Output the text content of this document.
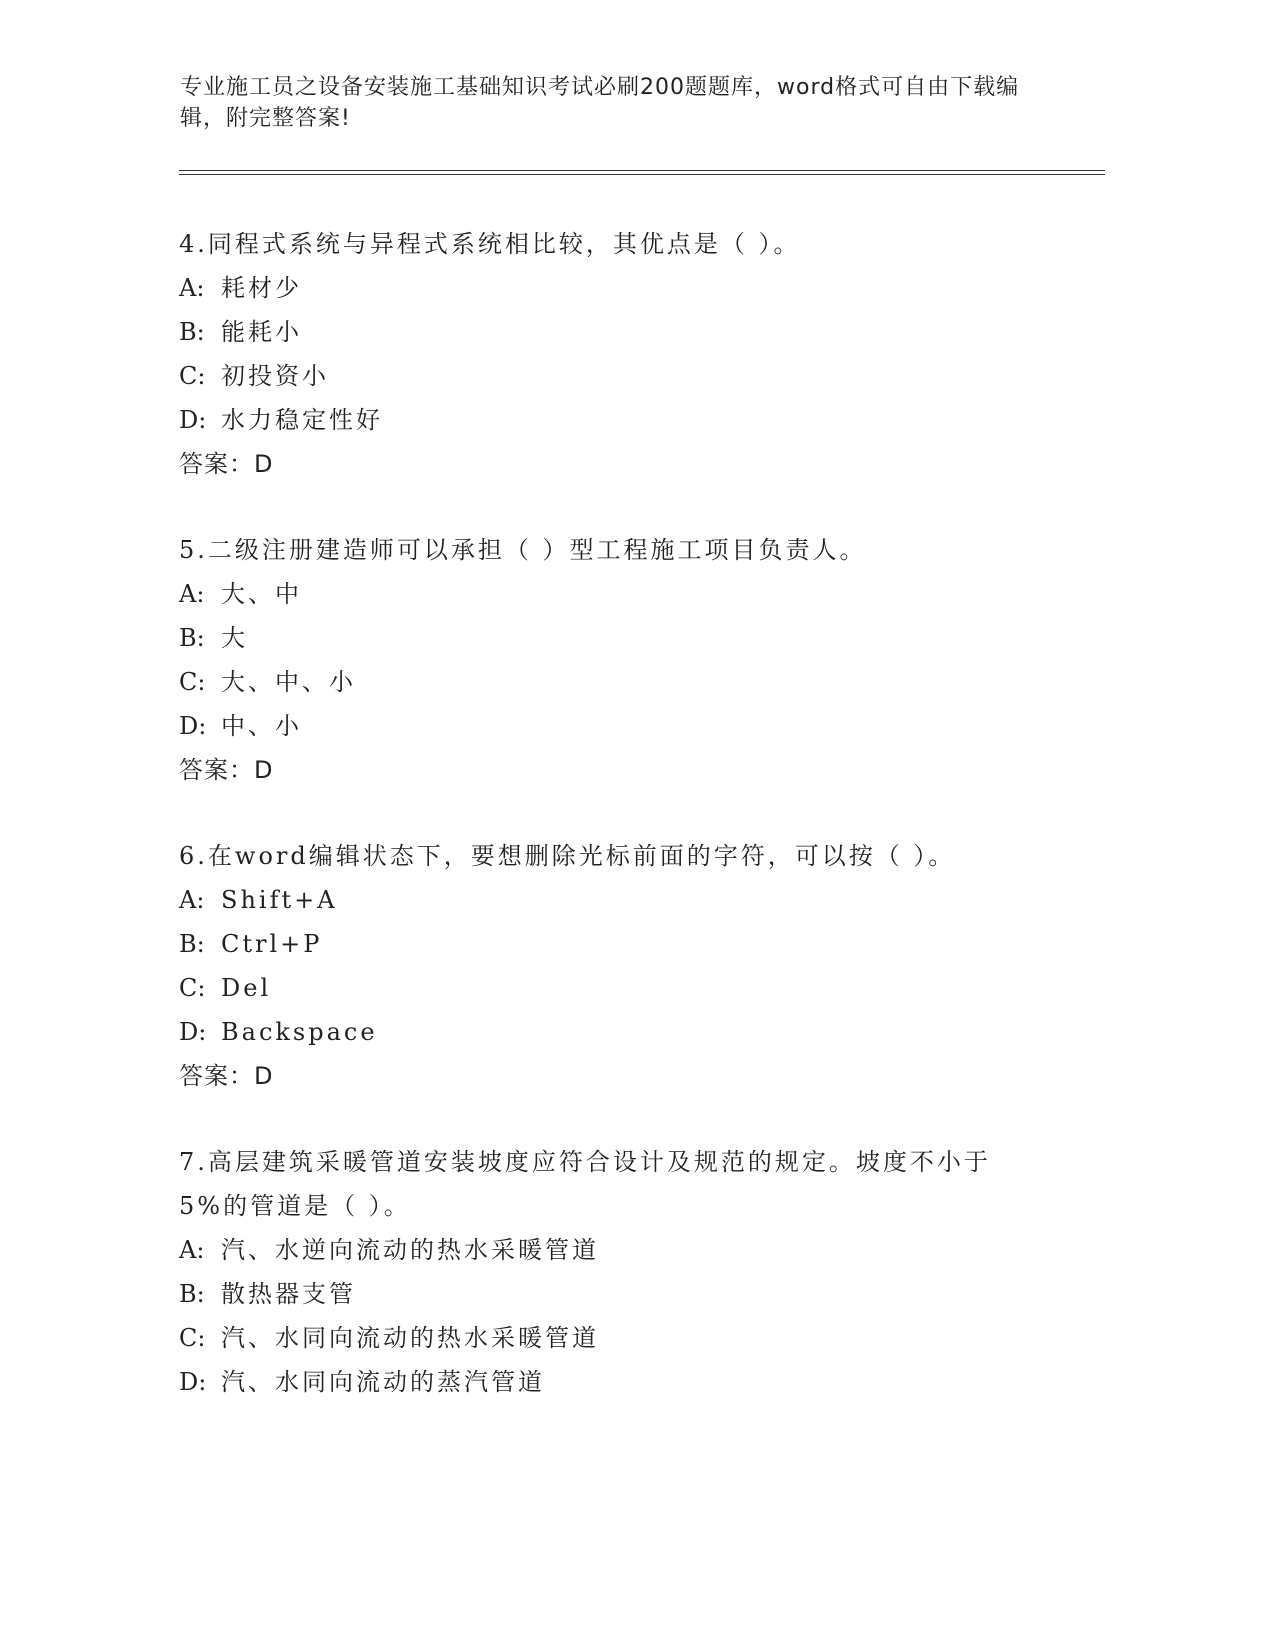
专业施工员之设备安装施工基础知识考试必刷200题题库，word格式可自由下载编辑，附完整答案!
4.同程式系统与异程式系统相比较，其优点是（ ）。
A: 耗材少
B: 能耗小
C: 初投资小
D: 水力稳定性好
答案：D
5.二级注册建造师可以承担（ ）型工程施工项目负责人。
A: 大、中
B: 大
C: 大、中、小
D: 中、小
答案：D
6.在word编辑状态下，要想删除光标前面的字符，可以按（ ）。
A: Shift+A
B: Ctrl+P
C: Del
D: Backspace
答案：D
7.高层建筑采暖管道安装坡度应符合设计及规范的规定。坡度不小于5%的管道是（ ）。
A: 汽、水逆向流动的热水采暖管道
B: 散热器支管
C: 汽、水同向流动的热水采暖管道
D: 汽、水同向流动的蒸汽管道
